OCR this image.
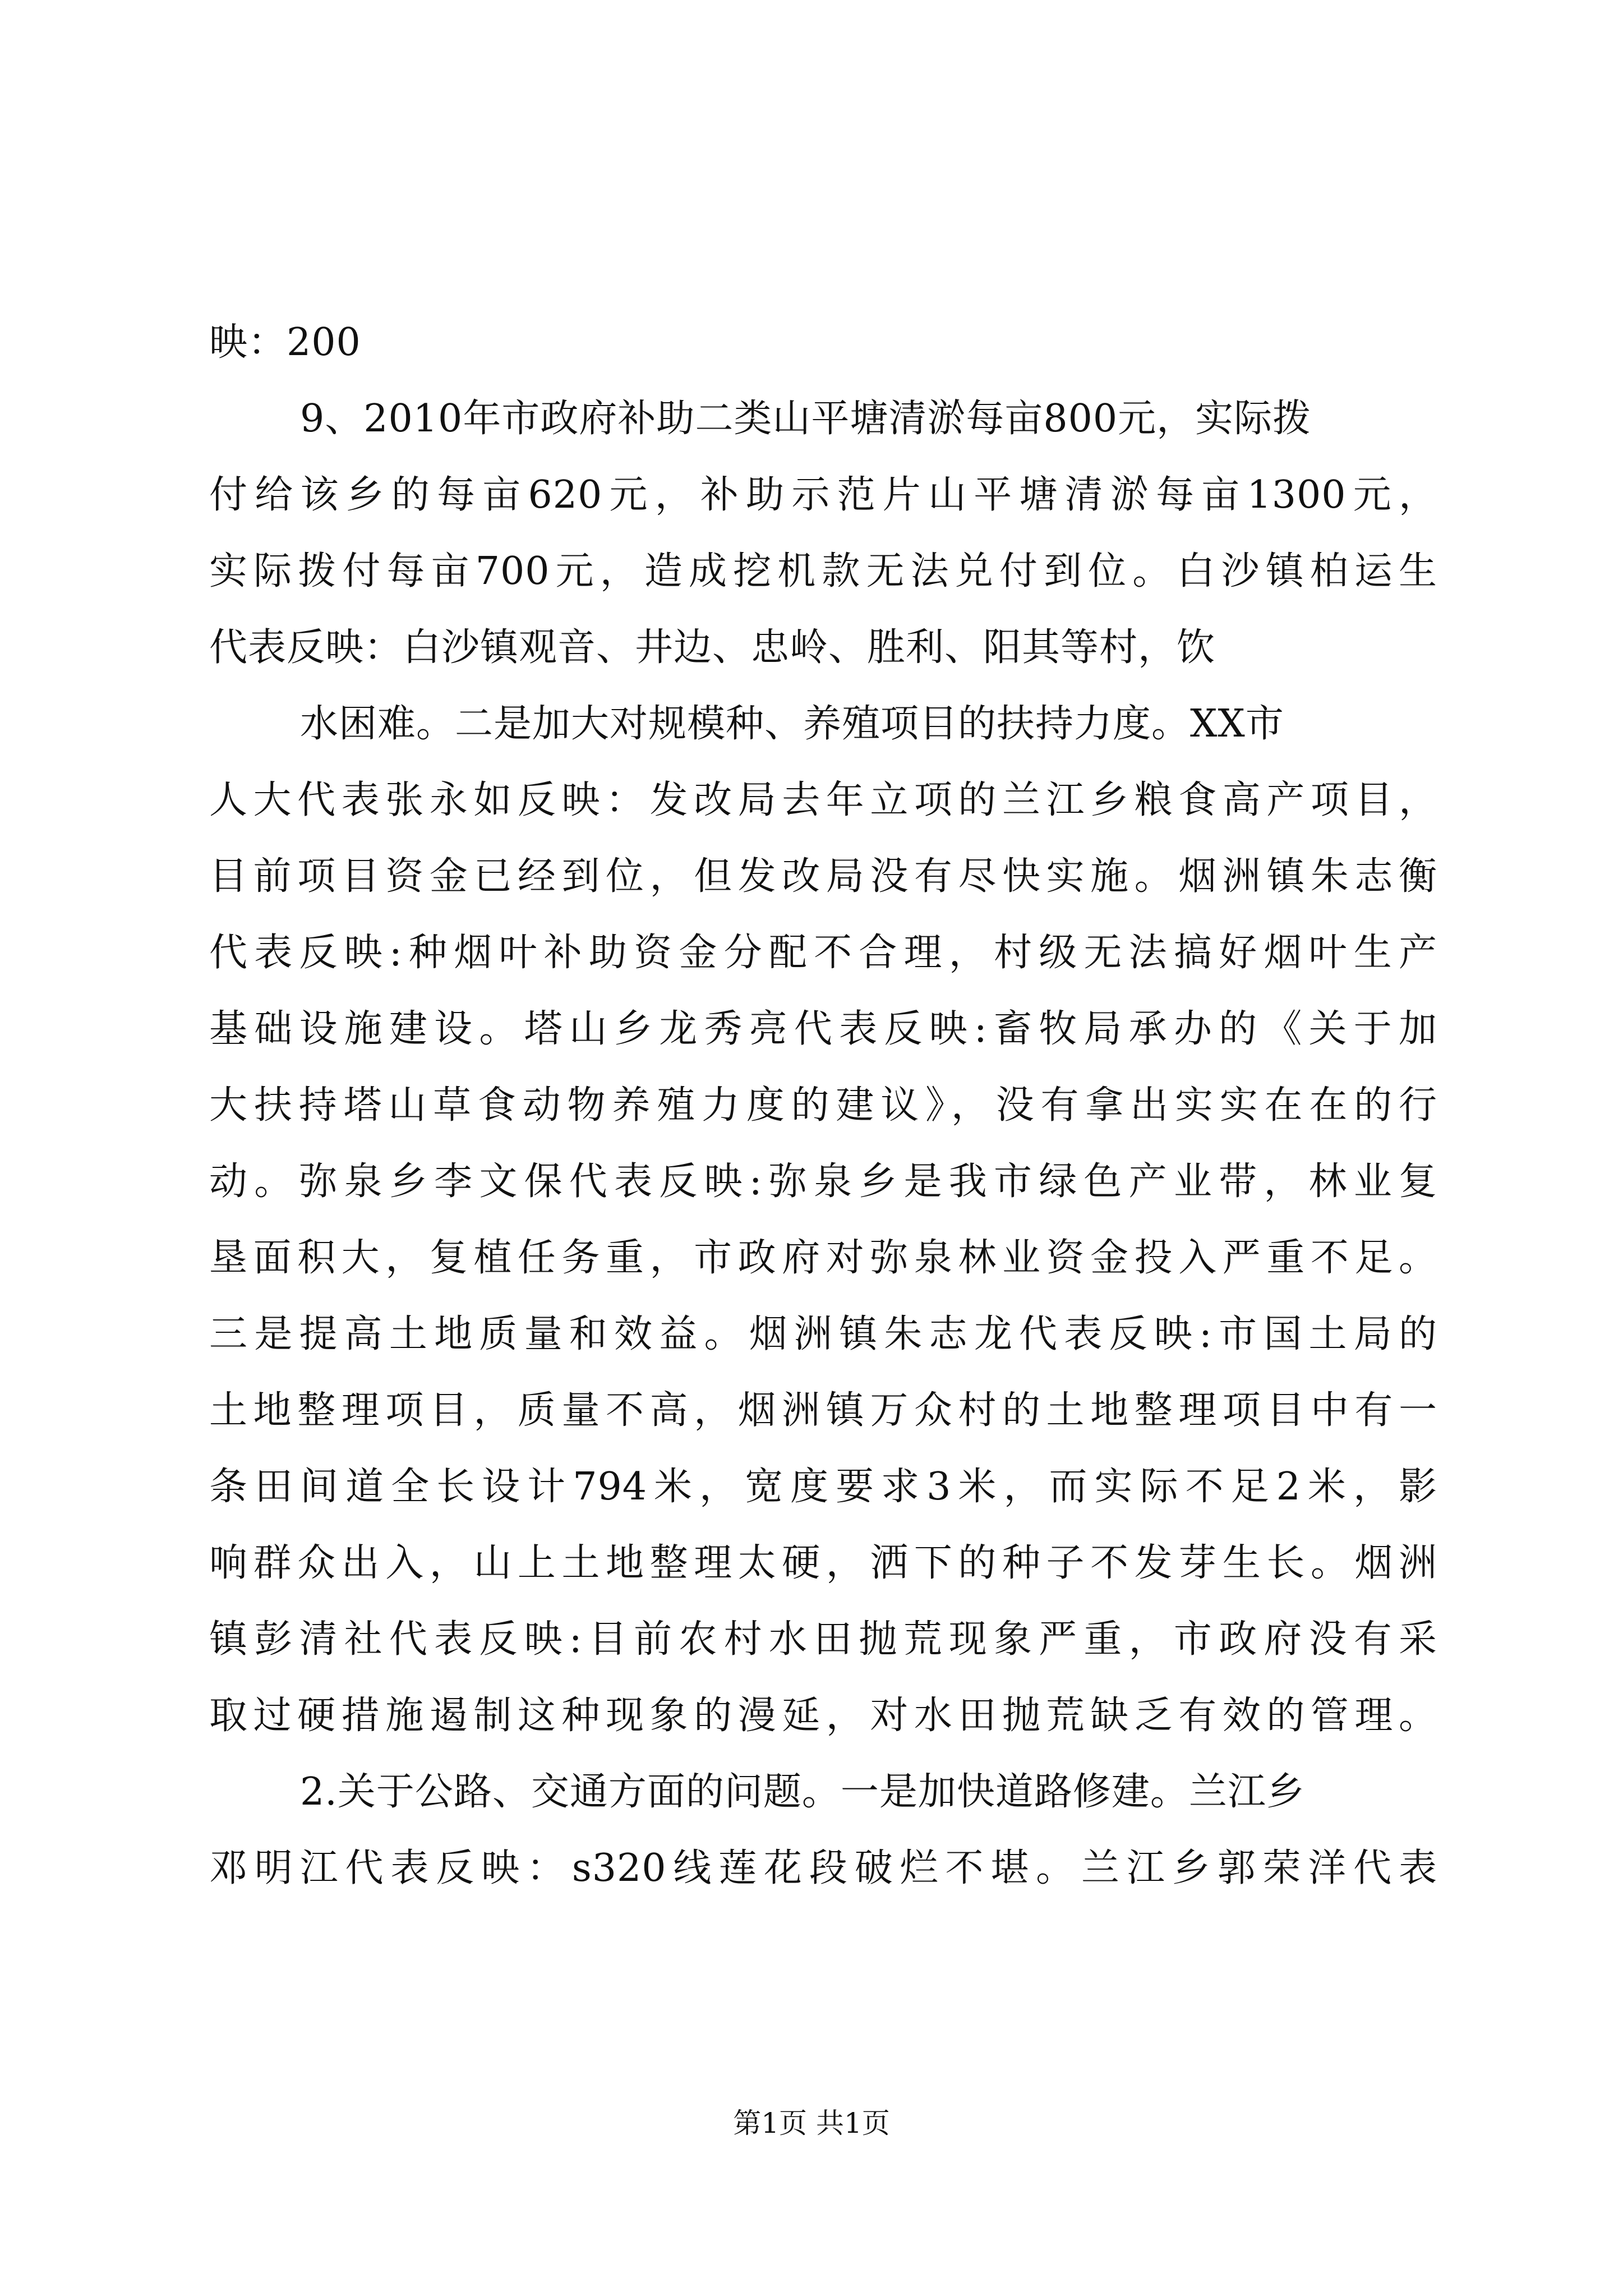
映：200
9、2010年市政府补助二类山平塘清淤每亩800元，实际拨
付给该乡的每亩620元，补助示范片山平塘清淤每亩1300元，
实际拨付每亩700元，造成挖机款无法兑付到位。白沙镇柏运生
代表反映：白沙镇观音、井边、忠岭、胜利、阳其等村，饮
水困难。二是加大对规模种、养殖项目的扶持力度。XX市
人大代表张永如反映：发改局去年立项的兰江乡粮食高产项目，
目前项目资金已经到位，但发改局没有尽快实施。烟洲镇朱志衡
代表反映:种烟叶补助资金分配不合理，村级无法搞好烟叶生产
基础设施建设。塔山乡龙秀亮代表反映:畜牧局承办的《关于加
大扶持塔山草食动物养殖力度的建议》，没有拿出实实在在的行
动。弥泉乡李文保代表反映:弥泉乡是我市绿色产业带，林业复
垦面积大，复植任务重，市政府对弥泉林业资金投入严重不足。
三是提高土地质量和效益。烟洲镇朱志龙代表反映:市国土局的
土地整理项目，质量不高，烟洲镇万众村的土地整理项目中有一
条田间道全长设计794米，宽度要求3米，而实际不足2米，影
响群众出入，山上土地整理太硬，洒下的种子不发芽生长。烟洲
镇彭清社代表反映:目前农村水田抛荒现象严重，市政府没有采
取过硬措施遏制这种现象的漫延，对水田抛荒缺乏有效的管理。
2.关于公路、交通方面的问题。一是加快道路修建。兰江乡
邓明江代表反映：s320线莲花段破烂不堪。兰江乡郭荣洋代表
第1页 共1页
